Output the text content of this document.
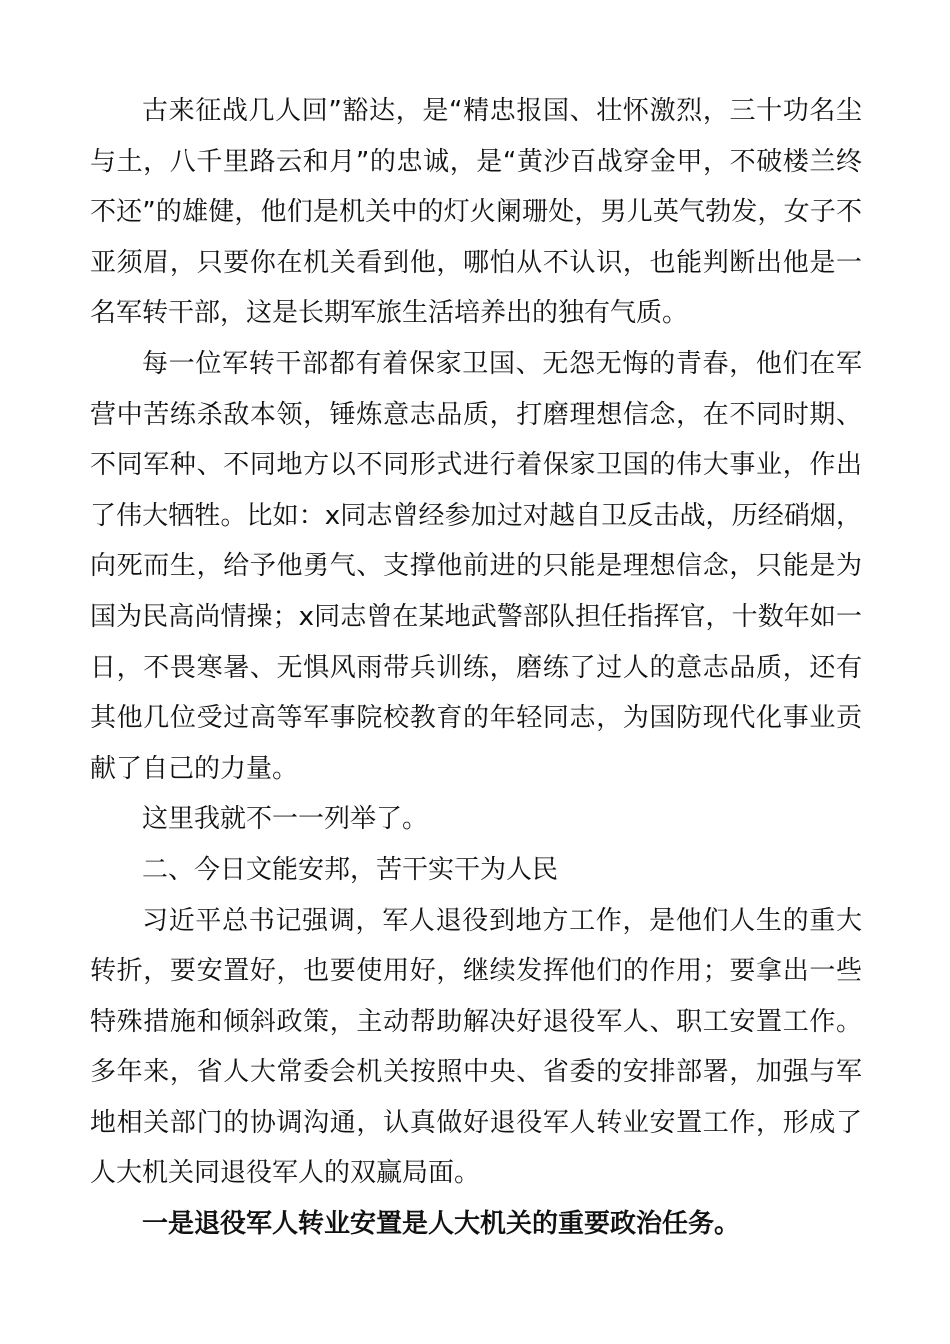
古来征战几人回”豁达，是“精忠报国、壮怀激烈，三十功名尘与土，八千里路云和月”的忠诚，是“黄沙百战穿金甲，不破楼兰终不还”的雄健，他们是机关中的灯火阑珊处，男儿英气勃发，女子不亚须眉，只要你在机关看到他，哪怕从不认识，也能判断出他是一名军转干部，这是长期军旅生活培养出的独有气质。

每一位军转干部都有着保家卫国、无怨无悔的青春，他们在军营中苦练杀敌本领，锤炼意志品质，打磨理想信念，在不同时期、不同军种、不同地方以不同形式进行着保家卫国的伟大事业，作出了伟大牺牲。比如：x同志曾经参加过对越自卫反击战，历经硝烟，向死而生，给予他勇气、支撑他前进的只能是理想信念，只能是为国为民高尚情操；x同志曾在某地武警部队担任指挥官，十数年如一日，不畏寒暑、无惧风雨带兵训练，磨练了过人的意志品质，还有其他几位受过高等军事院校教育的年轻同志，为国防现代化事业贡献了自己的力量。

这里我就不一一列举了。

二、今日文能安邦，苦干实干为人民

习近平总书记强调，军人退役到地方工作，是他们人生的重大转折，要安置好，也要使用好，继续发挥他们的作用；要拿出一些特殊措施和倾斜政策，主动帮助解决好退役军人、职工安置工作。多年来，省人大常委会机关按照中央、省委的安排部署，加强与军地相关部门的协调沟通，认真做好退役军人转业安置工作，形成了人大机关同退役军人的双赢局面。

一是退役军人转业安置是人大机关的重要政治任务。
